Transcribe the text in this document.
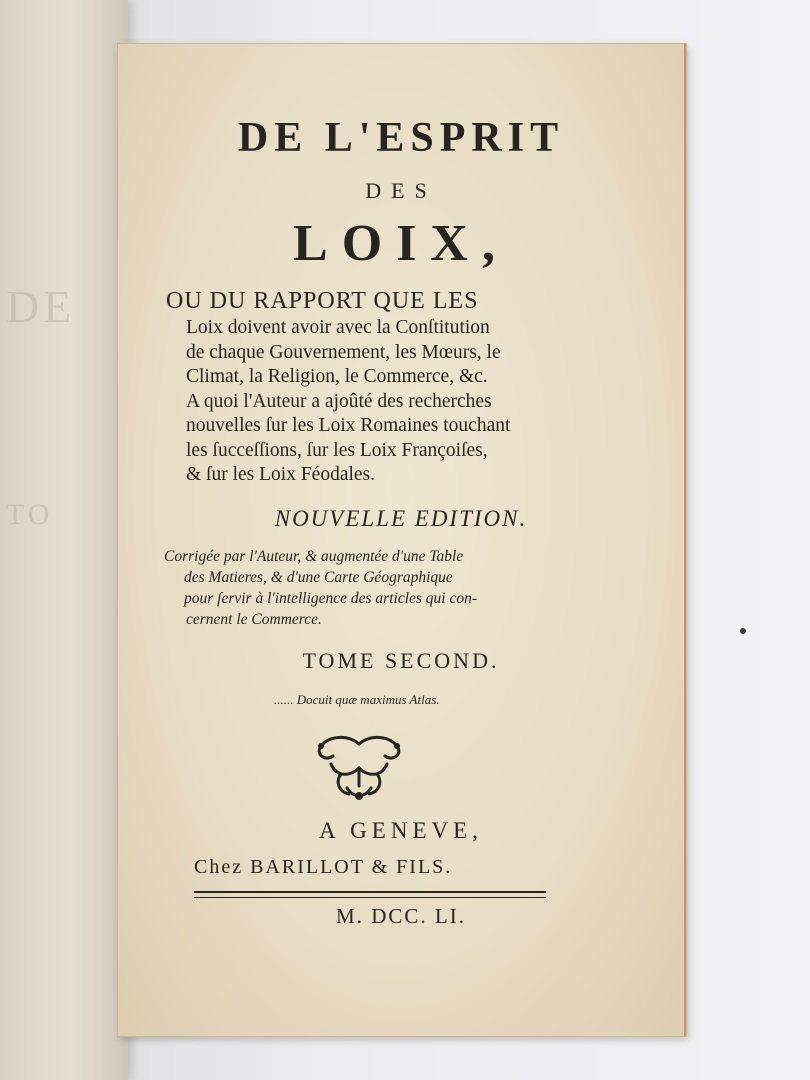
DE
TO
DE L'ESPRIT
DES
LOIX,
OU DU RAPPORT QUE LES
Loix doivent avoir avec la Conſtitution
de chaque Gouvernement, les Mœurs, le
Climat, la Religion, le Commerce, &c.
A quoi l'Auteur a ajoûté des recherches
nouvelles ſur les Loix Romaines touchant
les ſucceſſions, ſur les Loix Françoiſes,
& ſur les Loix Féodales.
NOUVELLE EDITION.
Corrigée par l'Auteur, & augmentée d'une Table
des Matieres, & d'une Carte Géographique
pour ſervir à l'intelligence des articles qui con-
cernent le Commerce.
TOME SECOND.
...... Docuit quæ maximus Atlas.
A GENEVE,
Chez BARILLOT & FILS.
M. DCC. LI.
